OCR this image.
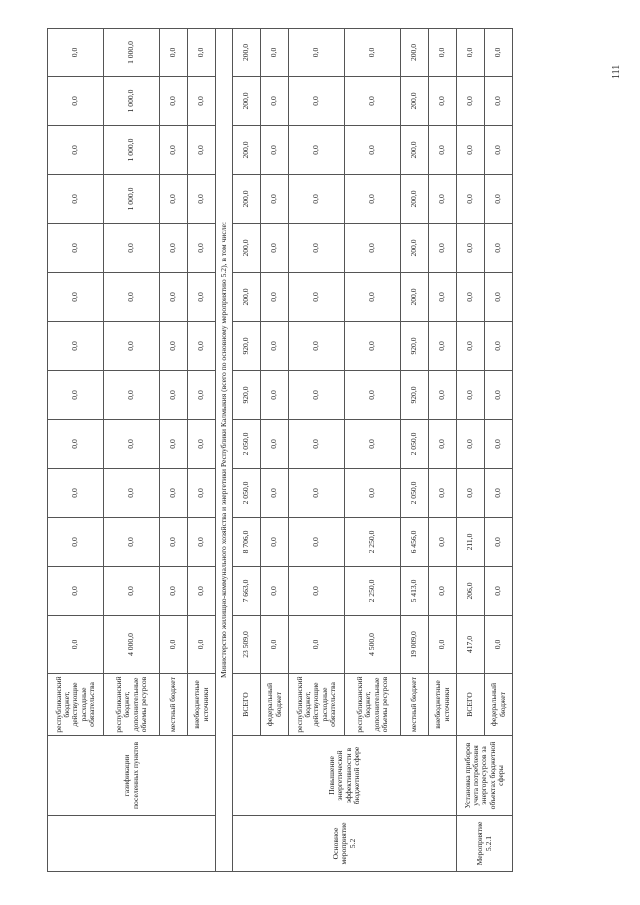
	газификации поселенных пунктов	республиканский бюджет, действующие расходные обязательства	0,0	0,0	0,0	0,0	0,0	0,0	0,0	0,0	0,0	0,0	0,0	0,0	0,0
		республиканский бюджет, дополнительные объемы ресурсов	4 000,0	0,0	0,0	0,0	0,0	0,0	0,0	0,0	0,0	1 000,0	1 000,0	1 000,0	1 000,0
		местный бюджет	0,0	0,0	0,0	0,0	0,0	0,0	0,0	0,0	0,0	0,0	0,0	0,0	0,0
		внебюджетные источники	0,0	0,0	0,0	0,0	0,0	0,0	0,0	0,0	0,0	0,0	0,0	0,0	0,0
Министерство жилищно-коммунального хозяйства и энергетики Республики Калмыкия (всего по основному мероприятию 5.2), в том числе:															
Основное мероприятие 5.2	Повышение энергетической эффективности в бюджетной сфере	ВСЕГО	23 509,0	7 663,0	8 706,0	2 050,0	2 050,0	920,0	920,0	200,0	200,0	200,0	200,0	200,0	200,0
		федеральный бюджет	0,0	0,0	0,0	0,0	0,0	0,0	0,0	0,0	0,0	0,0	0,0	0,0	0,0
		республиканский бюджет, действующие расходные обязательства	0,0	0,0	0,0	0,0	0,0	0,0	0,0	0,0	0,0	0,0	0,0	0,0	0,0
		республиканский бюджет, дополнительные объемы ресурсов	4 500,0	2 250,0	2 250,0	0,0	0,0	0,0	0,0	0,0	0,0	0,0	0,0	0,0	0,0
		местный бюджет	19 009,0	5 413,0	6 456,0	2 050,0	2 050,0	920,0	920,0	200,0	200,0	200,0	200,0	200,0	200,0
		внебюджетные источники	0,0	0,0	0,0	0,0	0,0	0,0	0,0	0,0	0,0	0,0	0,0	0,0	0,0
Мероприятие 5.2.1	Установка приборов учета потребления энергоресурсов за объектах бюджетной сферы	ВСЕГО	417,0	206,0	211,0	0,0	0,0	0,0	0,0	0,0	0,0	0,0	0,0	0,0	0,0
		федеральный бюджет	0,0	0,0	0,0	0,0	0,0	0,0	0,0	0,0	0,0	0,0	0,0	0,0	0,0
111
